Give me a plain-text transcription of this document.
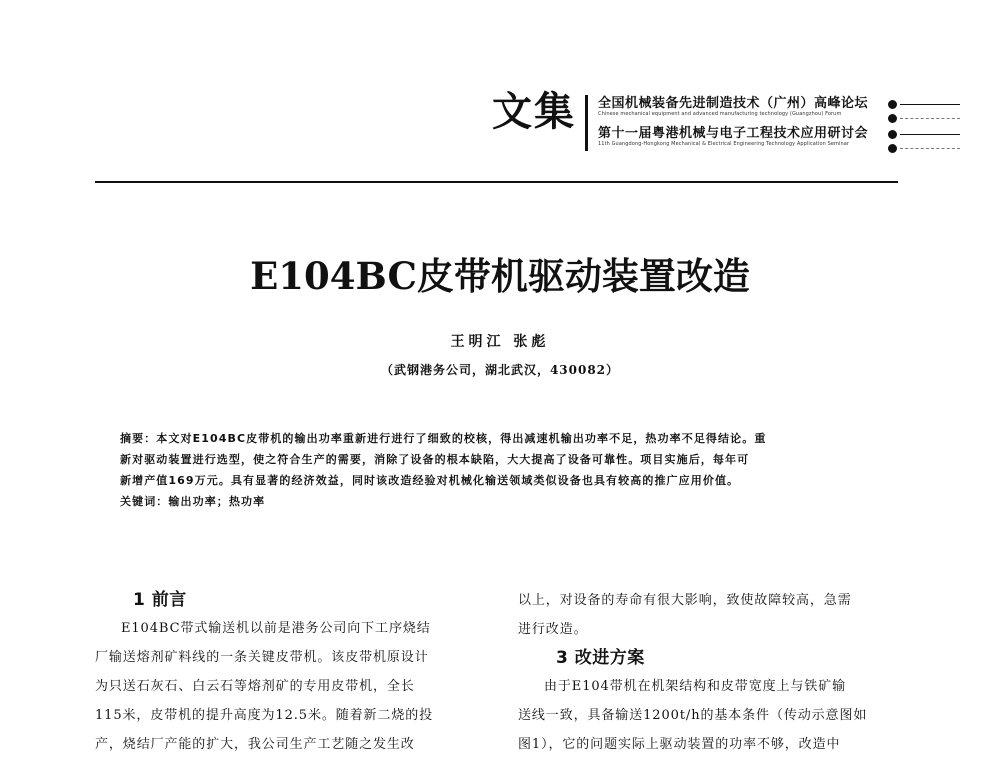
文集 全国机械装备先进制造技术（广州）高峰论坛
Chinese mechanical equipment and advanced manufacturing technology (Guangzhou) Forum
第十一届粤港机械与电子工程技术应用研讨会
11th Guangdong-Hongkong Mechanical & Electrical Engineering Technology Application Seminar
E104BC皮带机驱动装置改造
王明江 张彪
（武钢港务公司，湖北武汉，430082）
摘要：本文对E104BC皮带机的输出功率重新进行进行了细致的校核，得出减速机输出功率不足，热功率不足得结论。重
新对驱动装置进行选型，使之符合生产的需要，消除了设备的根本缺陷，大大提高了设备可靠性。项目实施后，每年可
新增产值169万元。具有显著的经济效益，同时该改造经验对机械化输送领域类似设备也具有较高的推广应用价值。
关键词：输出功率；热功率
1 前言
E104BC带式输送机以前是港务公司向下工序烧结
厂输送熔剂矿料线的一条关键皮带机。该皮带机原设计
为只送石灰石、白云石等熔剂矿的专用皮带机，全长
115米，皮带机的提升高度为12.5米。随着新二烧的投
产，烧结厂产能的扩大，我公司生产工艺随之发生改
以上，对设备的寿命有很大影响，致使故障较高，急需
进行改造。
3 改进方案
由于E104带机在机架结构和皮带宽度上与铁矿输
送线一致，具备输送1200t/h的基本条件（传动示意图如
图1），它的问题实际上驱动装置的功率不够，改造中
